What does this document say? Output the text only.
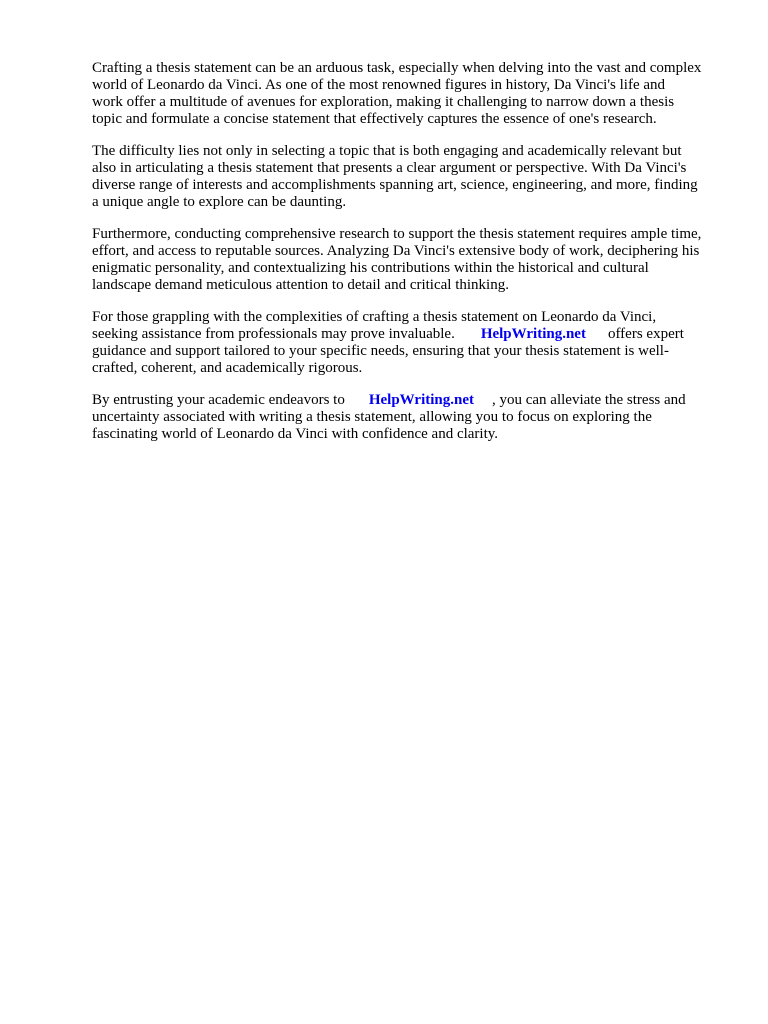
Crafting a thesis statement can be an arduous task, especially when delving into the vast and complex
world of Leonardo da Vinci. As one of the most renowned figures in history, Da Vinci's life and
work offer a multitude of avenues for exploration, making it challenging to narrow down a thesis
topic and formulate a concise statement that effectively captures the essence of one's research.

The difficulty lies not only in selecting a topic that is both engaging and academically relevant but
also in articulating a thesis statement that presents a clear argument or perspective. With Da Vinci's
diverse range of interests and accomplishments spanning art, science, engineering, and more, finding
a unique angle to explore can be daunting.

Furthermore, conducting comprehensive research to support the thesis statement requires ample time,
effort, and access to reputable sources. Analyzing Da Vinci's extensive body of work, deciphering his
enigmatic personality, and contextualizing his contributions within the historical and cultural
landscape demand meticulous attention to detail and critical thinking.

For those grappling with the complexities of crafting a thesis statement on Leonardo da Vinci,
seeking assistance from professionals may prove invaluable. HelpWriting.net offers expert
guidance and support tailored to your specific needs, ensuring that your thesis statement is well-
crafted, coherent, and academically rigorous.

By entrusting your academic endeavors to HelpWriting.net , you can alleviate the stress and
uncertainty associated with writing a thesis statement, allowing you to focus on exploring the
fascinating world of Leonardo da Vinci with confidence and clarity.
